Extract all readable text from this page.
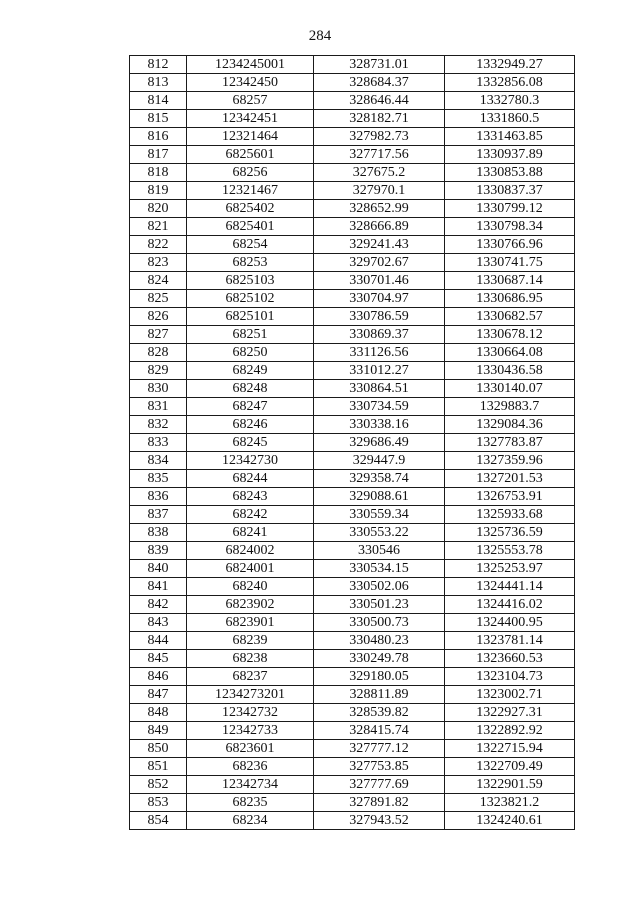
284
812	1234245001	328731.01	1332949.27
813	12342450	328684.37	1332856.08
814	68257	328646.44	1332780.3
815	12342451	328182.71	1331860.5
816	12321464	327982.73	1331463.85
817	6825601	327717.56	1330937.89
818	68256	327675.2	1330853.88
819	12321467	327970.1	1330837.37
820	6825402	328652.99	1330799.12
821	6825401	328666.89	1330798.34
822	68254	329241.43	1330766.96
823	68253	329702.67	1330741.75
824	6825103	330701.46	1330687.14
825	6825102	330704.97	1330686.95
826	6825101	330786.59	1330682.57
827	68251	330869.37	1330678.12
828	68250	331126.56	1330664.08
829	68249	331012.27	1330436.58
830	68248	330864.51	1330140.07
831	68247	330734.59	1329883.7
832	68246	330338.16	1329084.36
833	68245	329686.49	1327783.87
834	12342730	329447.9	1327359.96
835	68244	329358.74	1327201.53
836	68243	329088.61	1326753.91
837	68242	330559.34	1325933.68
838	68241	330553.22	1325736.59
839	6824002	330546	1325553.78
840	6824001	330534.15	1325253.97
841	68240	330502.06	1324441.14
842	6823902	330501.23	1324416.02
843	6823901	330500.73	1324400.95
844	68239	330480.23	1323781.14
845	68238	330249.78	1323660.53
846	68237	329180.05	1323104.73
847	1234273201	328811.89	1323002.71
848	12342732	328539.82	1322927.31
849	12342733	328415.74	1322892.92
850	6823601	327777.12	1322715.94
851	68236	327753.85	1322709.49
852	12342734	327777.69	1322901.59
853	68235	327891.82	1323821.2
854	68234	327943.52	1324240.61
